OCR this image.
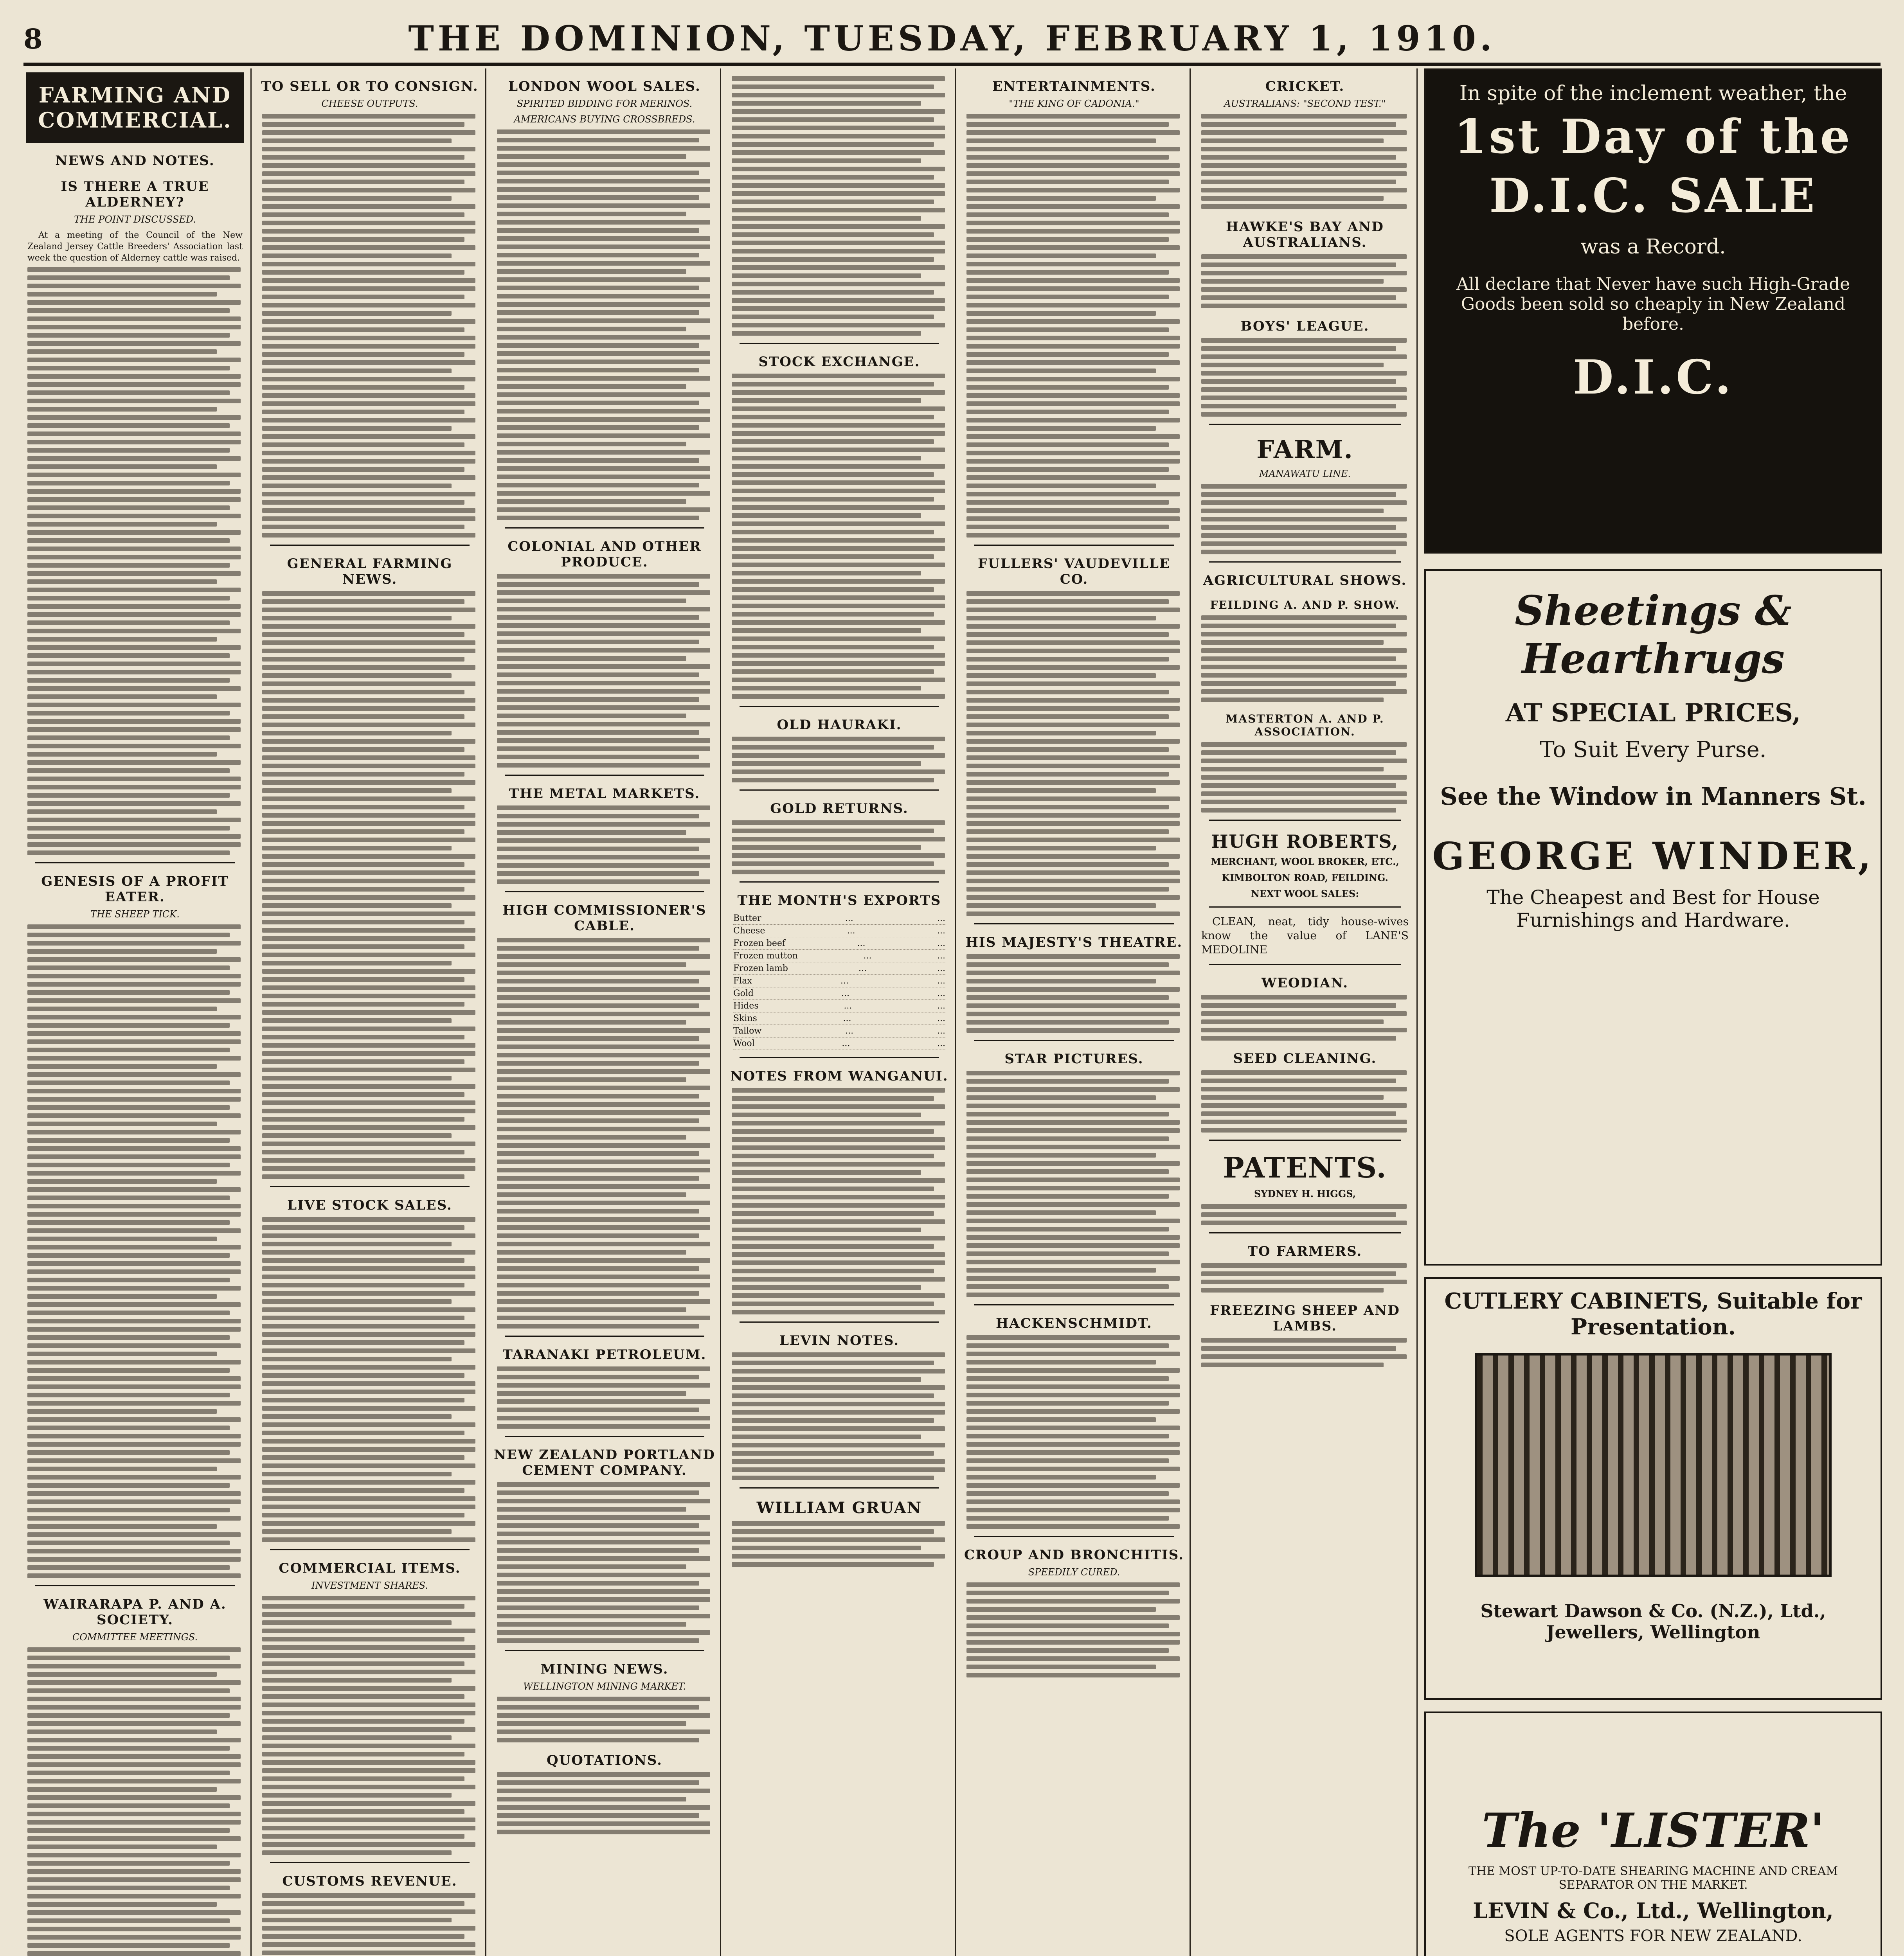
8	THE DOMINION, TUESDAY, FEBRUARY 1, 1910.
FARMING AND COMMERCIAL.
NEWS AND NOTES.
IS THERE A TRUE ALDERNEY?
THE POINT DISCUSSED.
At a meeting of the Council of the New Zealand Jersey Cattle Breeders' Association last week the question of Alderney cattle was raised.
GENESIS OF A PROFIT EATER.
THE SHEEP TICK.
WAIRARAPA P. AND A. SOCIETY.
COMMITTEE MEETINGS.
TO SELL OR TO CONSIGN.
CHEESE OUTPUTS.
GENERAL FARMING NEWS.
LIVE STOCK SALES.
COMMERCIAL ITEMS.
INVESTMENT SHARES.
CUSTOMS REVENUE.
LONDON WOOL SALES.
SPIRITED BIDDING FOR MERINOS.
AMERICANS BUYING CROSSBREDS.
COLONIAL AND OTHER PRODUCE.
THE METAL MARKETS.
HIGH COMMISSIONER'S CABLE.
TARANAKI PETROLEUM.
NEW ZEALAND PORTLAND CEMENT COMPANY.
MINING NEWS.
WELLINGTON MINING MARKET.
QUOTATIONS.
STOCK EXCHANGE.
OLD HAURAKI.
GOLD RETURNS.
THE MONTH'S EXPORTS
Butter	...	...
Cheese	...	...
Frozen beef	...	...
Frozen mutton	...	...
Frozen lamb	...	...
Flax	...	...
Gold	...	...
Hides	...	...
Skins	...	...
Tallow	...	...
Wool	...	...
NOTES FROM WANGANUI.
LEVIN NOTES.
WILLIAM GRUAN
ENTERTAINMENTS.
"THE KING OF CADONIA."
FULLERS' VAUDEVILLE CO.
HIS MAJESTY'S THEATRE.
STAR PICTURES.
HACKENSCHMIDT.
CROUP AND BRONCHITIS.
SPEEDILY CURED.
CRICKET.
AUSTRALIANS: "SECOND TEST."
HAWKE'S BAY AND AUSTRALIANS.
BOYS' LEAGUE.
FARM.
MANAWATU LINE.
AGRICULTURAL SHOWS.
FEILDING A. AND P. SHOW.
MASTERTON A. AND P. ASSOCIATION.
HUGH ROBERTS,
MERCHANT, WOOL BROKER, ETC.,
KIMBOLTON ROAD, FEILDING.
NEXT WOOL SALES:
CLEAN, neat, tidy house-wives know the value of LANE'S MEDOLINE
WEODIAN.
SEED CLEANING.
PATENTS.
SYDNEY H. HIGGS,
TO FARMERS.
FREEZING SHEEP AND LAMBS.
In spite of the inclement weather, the
1st Day of the
D.I.C. SALE
was a Record.
All declare that Never have such High-Grade Goods been sold so cheaply in New Zealand before.
D.I.C.
Sheetings & Hearthrugs
AT SPECIAL PRICES,
To Suit Every Purse.
See the Window in Manners St.
GEORGE WINDER,
The Cheapest and Best for House Furnishings and Hardware.
CUTLERY CABINETS, Suitable for Presentation.
Stewart Dawson & Co. (N.Z.), Ltd., Jewellers, Wellington
The 'LISTER'
THE MOST UP-TO-DATE SHEARING MACHINE AND CREAM SEPARATOR ON THE MARKET.
LEVIN & Co., Ltd., Wellington,
SOLE AGENTS FOR NEW ZEALAND.
